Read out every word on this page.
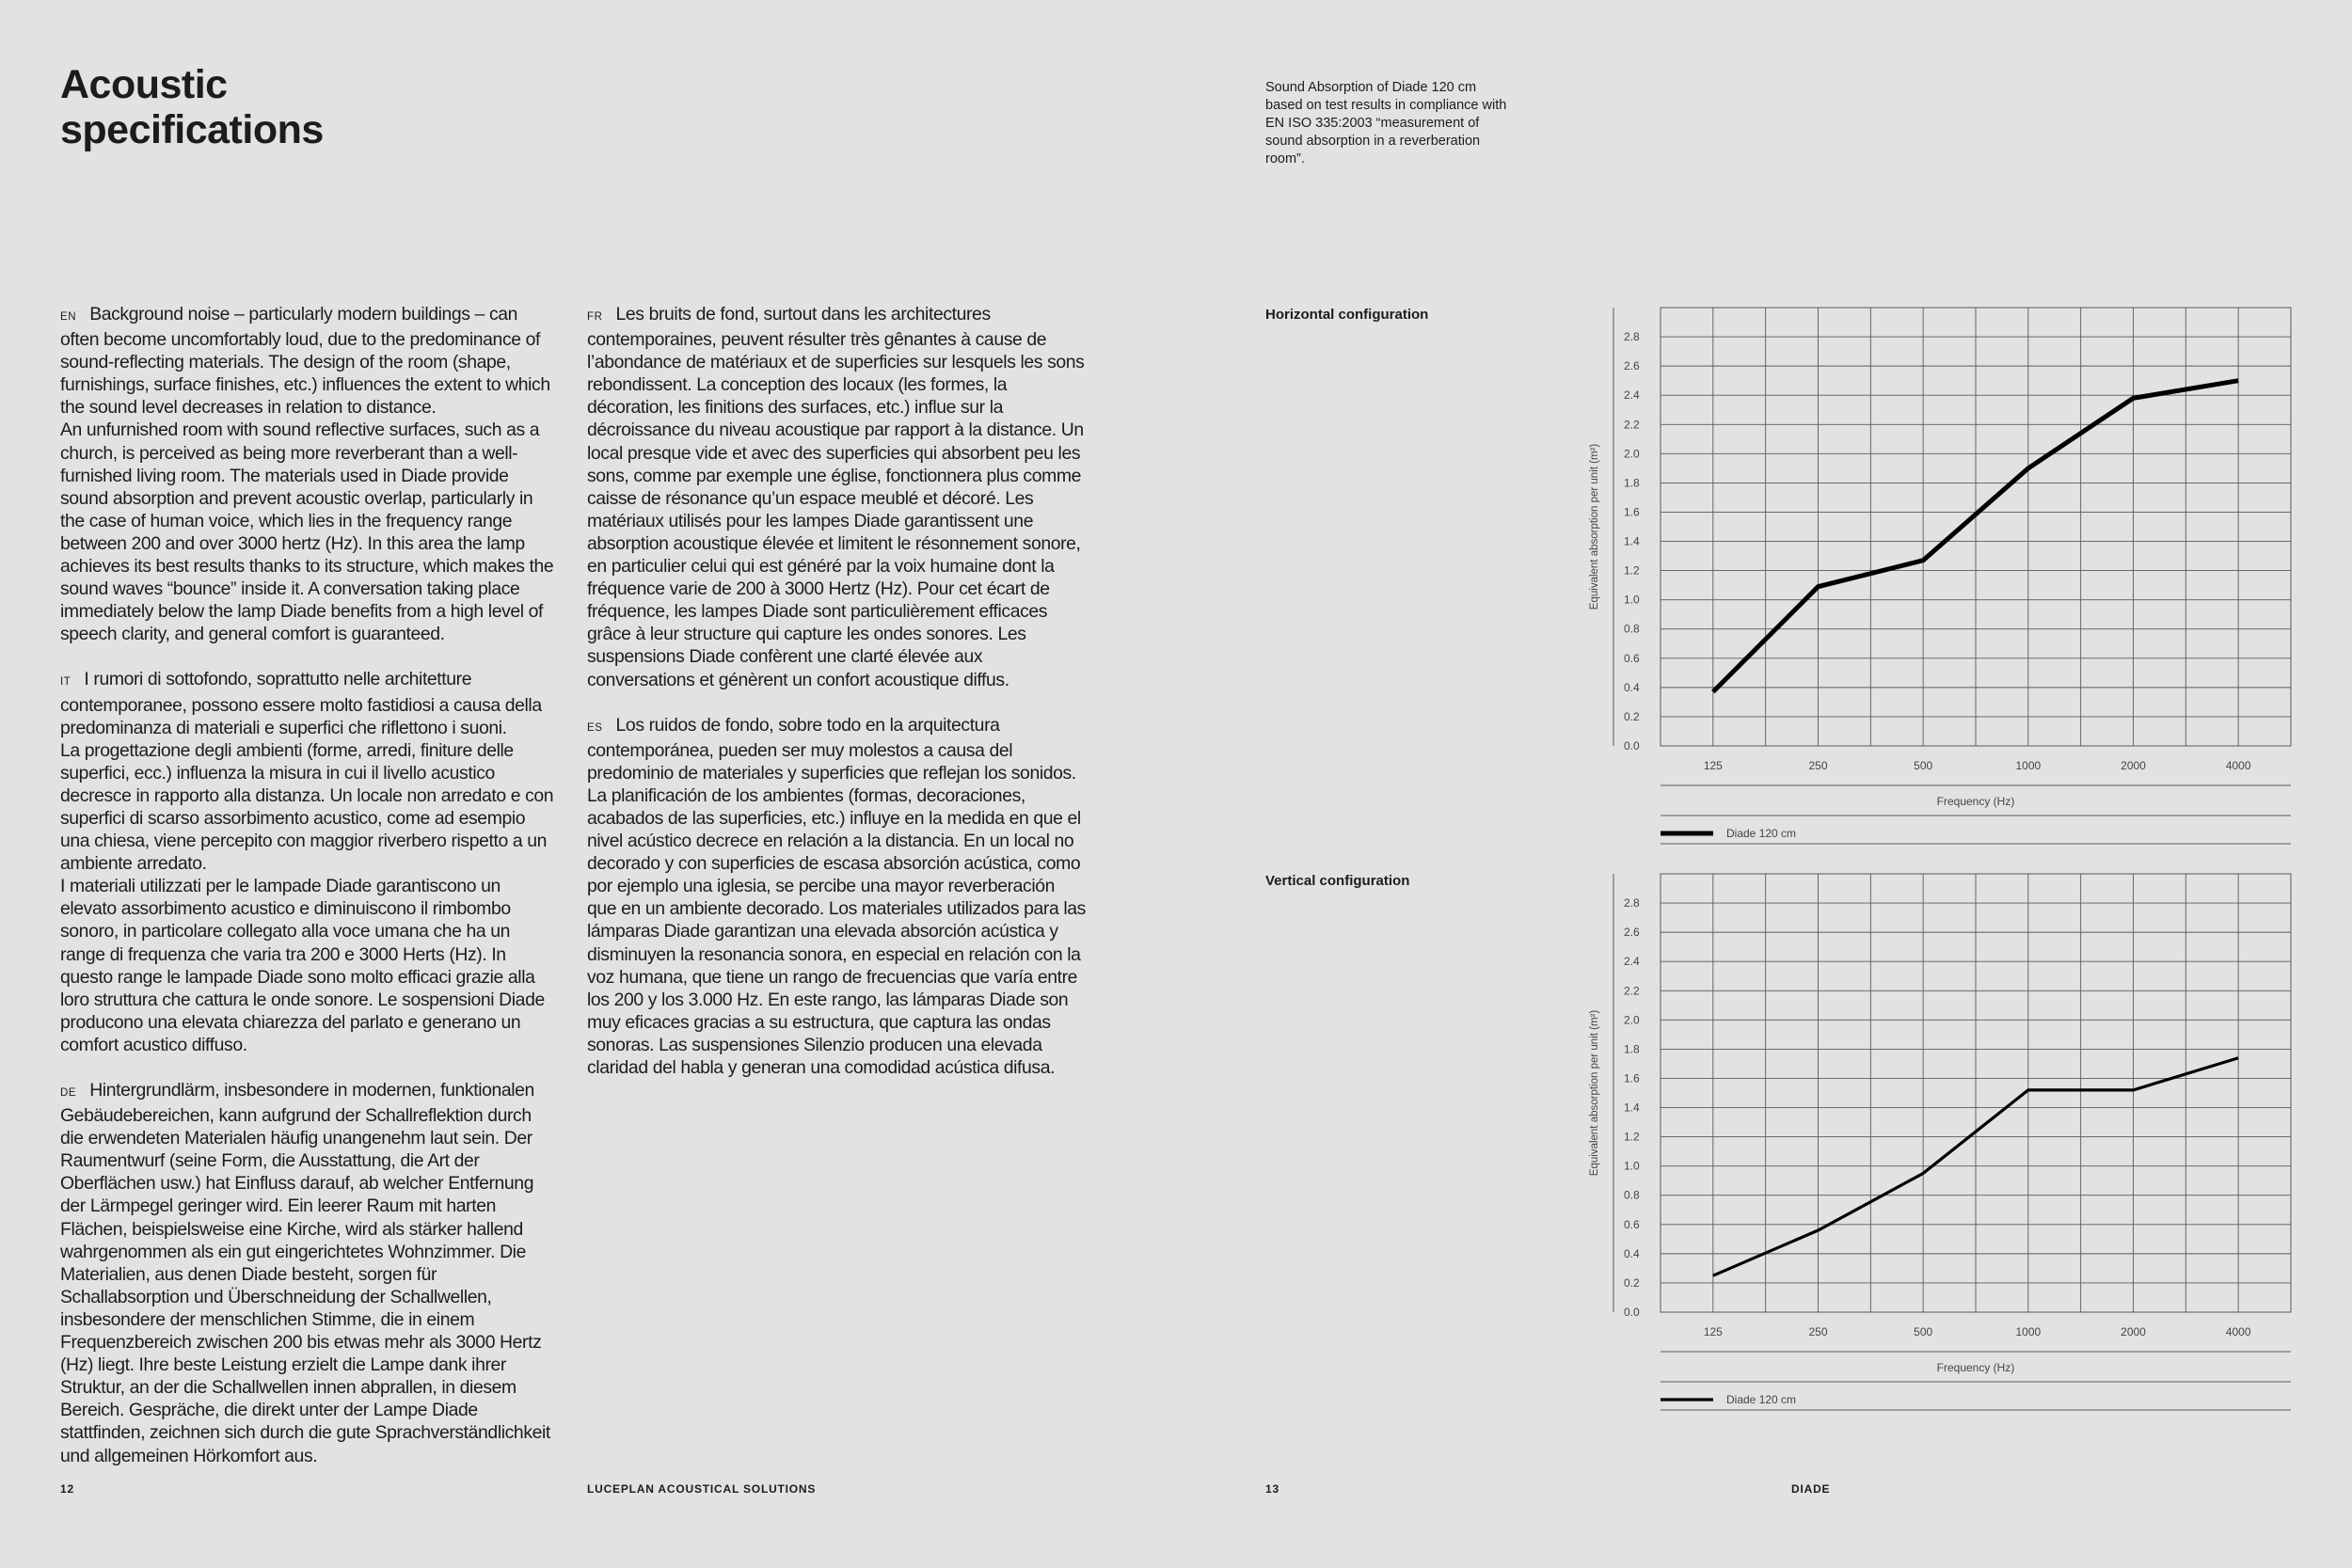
Acoustic
specifications

EN Background noise – particularly modern buildings – can often become uncomfortably loud, due to the predominance of sound-reflecting materials. The design of the room (shape, furnishings, surface finishes, etc.) influences the extent to which the sound level decreases in relation to distance.
An unfurnished room with sound reflective surfaces, such as a church, is perceived as being more reverberant than a well-furnished living room. The materials used in Diade provide sound absorption and prevent acoustic overlap, particularly in the case of human voice, which lies in the frequency range between 200 and over 3000 hertz (Hz). In this area the lamp achieves its best results thanks to its structure, which makes the sound waves “bounce” inside it. A conversation taking place immediately below the lamp Diade benefits from a high level of speech clarity, and general comfort is guaranteed.

IT I rumori di sottofondo, soprattutto nelle architetture contemporanee, possono essere molto fastidiosi a causa della predominanza di materiali e superfici che riflettono i suoni.
La progettazione degli ambienti (forme, arredi, finiture delle superfici, ecc.) influenza la misura in cui il livello acustico decresce in rapporto alla distanza. Un locale non arredato e con superfici di scarso assorbimento acustico, come ad esempio una chiesa, viene percepito con maggior riverbero rispetto a un ambiente arredato.
I materiali utilizzati per le lampade Diade garantiscono un elevato assorbimento acustico e diminuiscono il rimbombo sonoro, in particolare collegato alla voce umana che ha un range di frequenza che varia tra 200 e 3000 Herts (Hz). In questo range le lampade Diade sono molto efficaci grazie alla loro struttura che cattura le onde sonore. Le sospensioni Diade producono una elevata chiarezza del parlato e generano un comfort acustico diffuso.

DE Hintergrundlärm, insbesondere in modernen, funktionalen Gebäudebereichen, kann aufgrund der Schallreflektion durch die erwendeten Materialen häufig unangenehm laut sein. Der Raumentwurf (seine Form, die Ausstattung, die Art der Oberflächen usw.) hat Einfluss darauf, ab welcher Entfernung der Lärmpegel geringer wird. Ein leerer Raum mit harten Flächen, beispielsweise eine Kirche, wird als stärker hallend wahrgenommen als ein gut eingerichtetes Wohnzimmer. Die Materialien, aus denen Diade besteht, sorgen für Schallabsorption und Überschneidung der Schallwellen, insbesondere der menschlichen Stimme, die in einem Frequenzbereich zwischen 200 bis etwas mehr als 3000 Hertz (Hz) liegt. Ihre beste Leistung erzielt die Lampe dank ihrer Struktur, an der die Schallwellen innen abprallen, in diesem Bereich. Gespräche, die direkt unter der Lampe Diade stattfinden, zeichnen sich durch die gute Sprachverständlichkeit und allgemeinen Hörkomfort aus.

FR Les bruits de fond, surtout dans les architectures contemporaines, peuvent résulter très gênantes à cause de l’abondance de matériaux et de superficies sur lesquels les sons rebondissent. La conception des locaux (les formes, la décoration, les finitions des surfaces, etc.) influe sur la décroissance du niveau acoustique par rapport à la distance. Un local presque vide et avec des superficies qui absorbent peu les sons, comme par exemple une église, fonctionnera plus comme caisse de résonance qu’un espace meublé et décoré. Les matériaux utilisés pour les lampes Diade garantissent une absorption acoustique élevée et limitent le résonnement sonore, en particulier celui qui est généré par la voix humaine dont la fréquence varie de 200 à 3000 Hertz (Hz). Pour cet écart de fréquence, les lampes Diade sont particulièrement efficaces grâce à leur structure qui capture les ondes sonores. Les suspensions Diade confèrent une clarté élevée aux conversations et génèrent un confort acoustique diffus.

ES Los ruidos de fondo, sobre todo en la arquitectura contemporánea, pueden ser muy molestos a causa del predominio de materiales y superficies que reflejan los sonidos. La planificación de los ambientes (formas, decoraciones, acabados de las superficies, etc.) influye en la medida en que el nivel acústico decrece en relación a la distancia. En un local no decorado y con superficies de escasa absorción acústica, como por ejemplo una iglesia, se percibe una mayor reverberación que en un ambiente decorado. Los materiales utilizados para las lámparas Diade garantizan una elevada absorción acústica y disminuyen la resonancia sonora, en especial en relación con la voz humana, que tiene un rango de frecuencias que varía entre los 200 y los 3.000 Hz. En este rango, las lámparas Diade son muy eficaces gracias a su estructura, que captura las ondas sonoras. Las suspensiones Silenzio producen una elevada claridad del habla y generan una comodidad acústica difusa.

12	LUCEPLAN ACOUSTICAL SOLUTIONS

Sound Absorption of Diade 120 cm based on test results in compliance with EN ISO 335:2003 “measurement of sound absorption in a reverberation room”.

Horizontal configuration

Vertical configuration

0.0
0.2
0.4
0.6
0.8
1.0
1.2
1.4
1.6
1.8
2.0
2.2
2.4
2.6
2.8
125	250	500	1000	2000	4000
Frequency (Hz)
Diade 120 cm
Equivalent absorption per unit (m²)
0.0
0.2
0.4
0.6
0.8
1.0
1.2
1.4
1.6
1.8
2.0
2.2
2.4
2.6
2.8
125	250	500	1000	2000	4000
Frequency (Hz)
Diade 120 cm
Equivalent absorption per unit (m²)
13	DIADE
